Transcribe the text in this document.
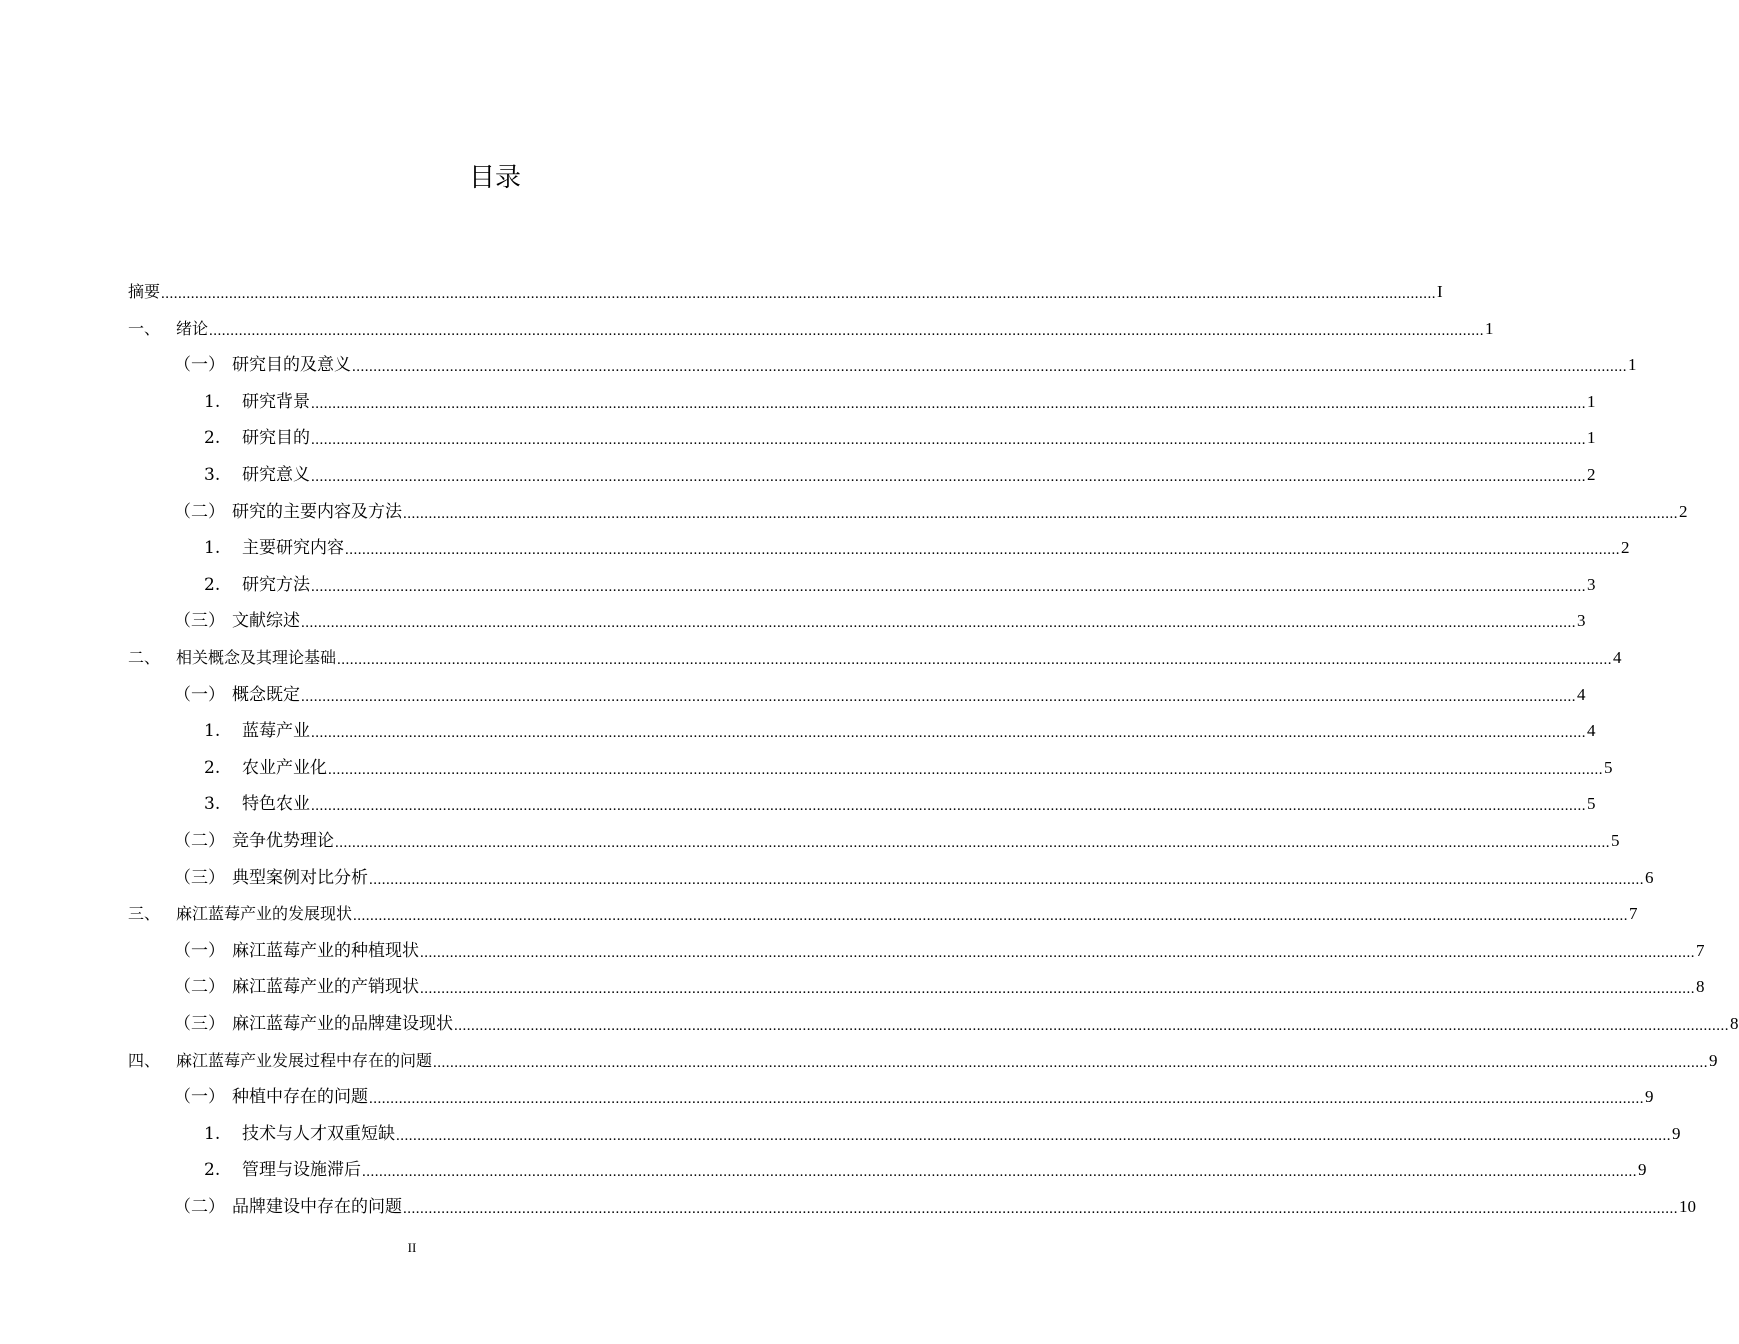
目录
摘要 ............................................................................................................................................................................................................................................................................................................ I
一、 绪论 ............................................................................................................................................................................................................................................................................................................ 1
（一） 研究目的及意义 ............................................................................................................................................................................................................................................................................................................ 1
1.	研究背景 ............................................................................................................................................................................................................................................................................................................ 1
2.	研究目的 ............................................................................................................................................................................................................................................................................................................ 1
3.	研究意义 ............................................................................................................................................................................................................................................................................................................ 2
（二） 研究的主要内容及方法 ............................................................................................................................................................................................................................................................................................................ 2
1.	主要研究内容 ............................................................................................................................................................................................................................................................................................................ 2
2.	研究方法 ............................................................................................................................................................................................................................................................................................................ 3
（三） 文献综述 ............................................................................................................................................................................................................................................................................................................ 3
二、 相关概念及其理论基础 ............................................................................................................................................................................................................................................................................................................ 4
（一） 概念既定 ............................................................................................................................................................................................................................................................................................................ 4
1.	蓝莓产业 ............................................................................................................................................................................................................................................................................................................ 4
2.	农业产业化 ............................................................................................................................................................................................................................................................................................................ 5
3.	特色农业 ............................................................................................................................................................................................................................................................................................................ 5
（二） 竞争优势理论 ............................................................................................................................................................................................................................................................................................................ 5
（三） 典型案例对比分析 ............................................................................................................................................................................................................................................................................................................ 6
三、 麻江蓝莓产业的发展现状 ............................................................................................................................................................................................................................................................................................................ 7
（一） 麻江蓝莓产业的种植现状 ............................................................................................................................................................................................................................................................................................................ 7
（二） 麻江蓝莓产业的产销现状 ............................................................................................................................................................................................................................................................................................................ 8
（三） 麻江蓝莓产业的品牌建设现状 ............................................................................................................................................................................................................................................................................................................ 8
四、 麻江蓝莓产业发展过程中存在的问题 ............................................................................................................................................................................................................................................................................................................ 9
（一） 种植中存在的问题 ............................................................................................................................................................................................................................................................................................................ 9
1.	技术与人才双重短缺 ............................................................................................................................................................................................................................................................................................................ 9
2.	管理与设施滞后 ............................................................................................................................................................................................................................................................................................................ 9
（二） 品牌建设中存在的问题 ............................................................................................................................................................................................................................................................................................................ 10
II
